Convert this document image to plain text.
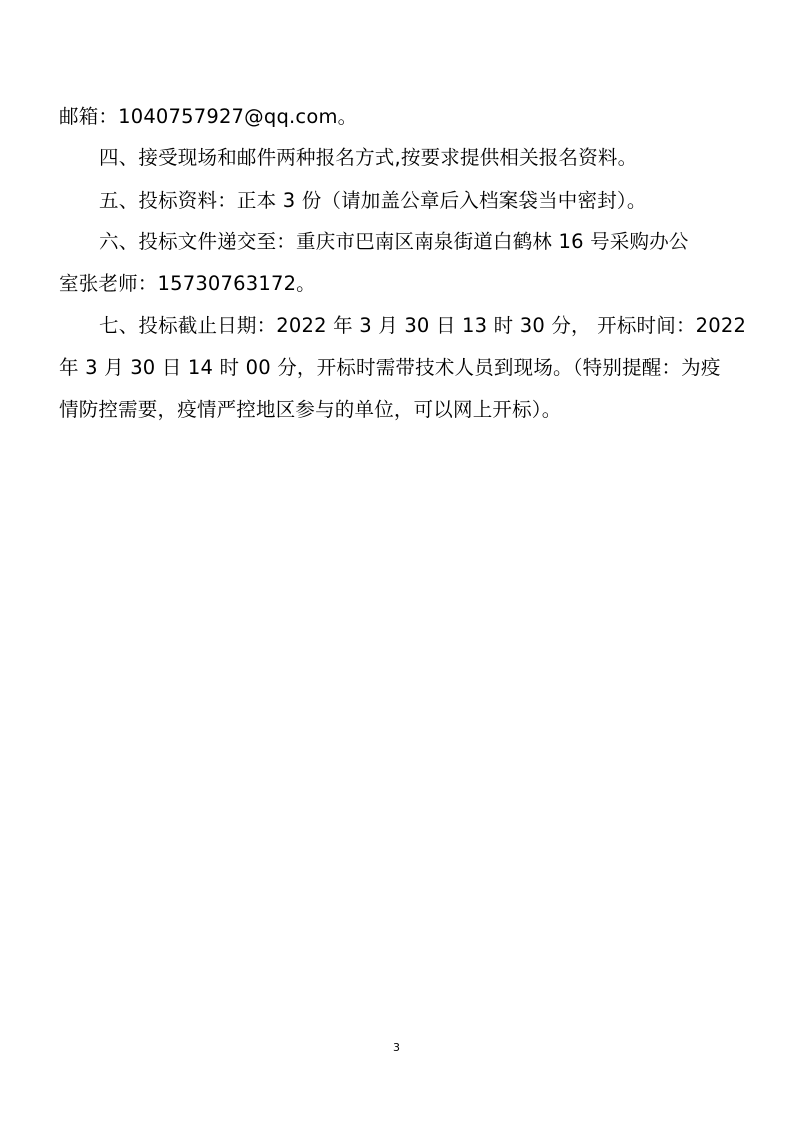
邮箱：1040757927@qq.com。
四、接受现场和邮件两种报名方式,按要求提供相关报名资料。
五、投标资料：正本 3 份（请加盖公章后入档案袋当中密封）。
六、投标文件递交至：重庆市巴南区南泉街道白鹤林 16 号采购办公
室张老师：15730763172。
七、投标截止日期：2022 年 3 月 30 日 13 时 30 分， 开标时间：2022
年 3 月 30 日 14 时 00 分，开标时需带技术人员到现场。（特别提醒：为疫
情防控需要，疫情严控地区参与的单位，可以网上开标）。
3
